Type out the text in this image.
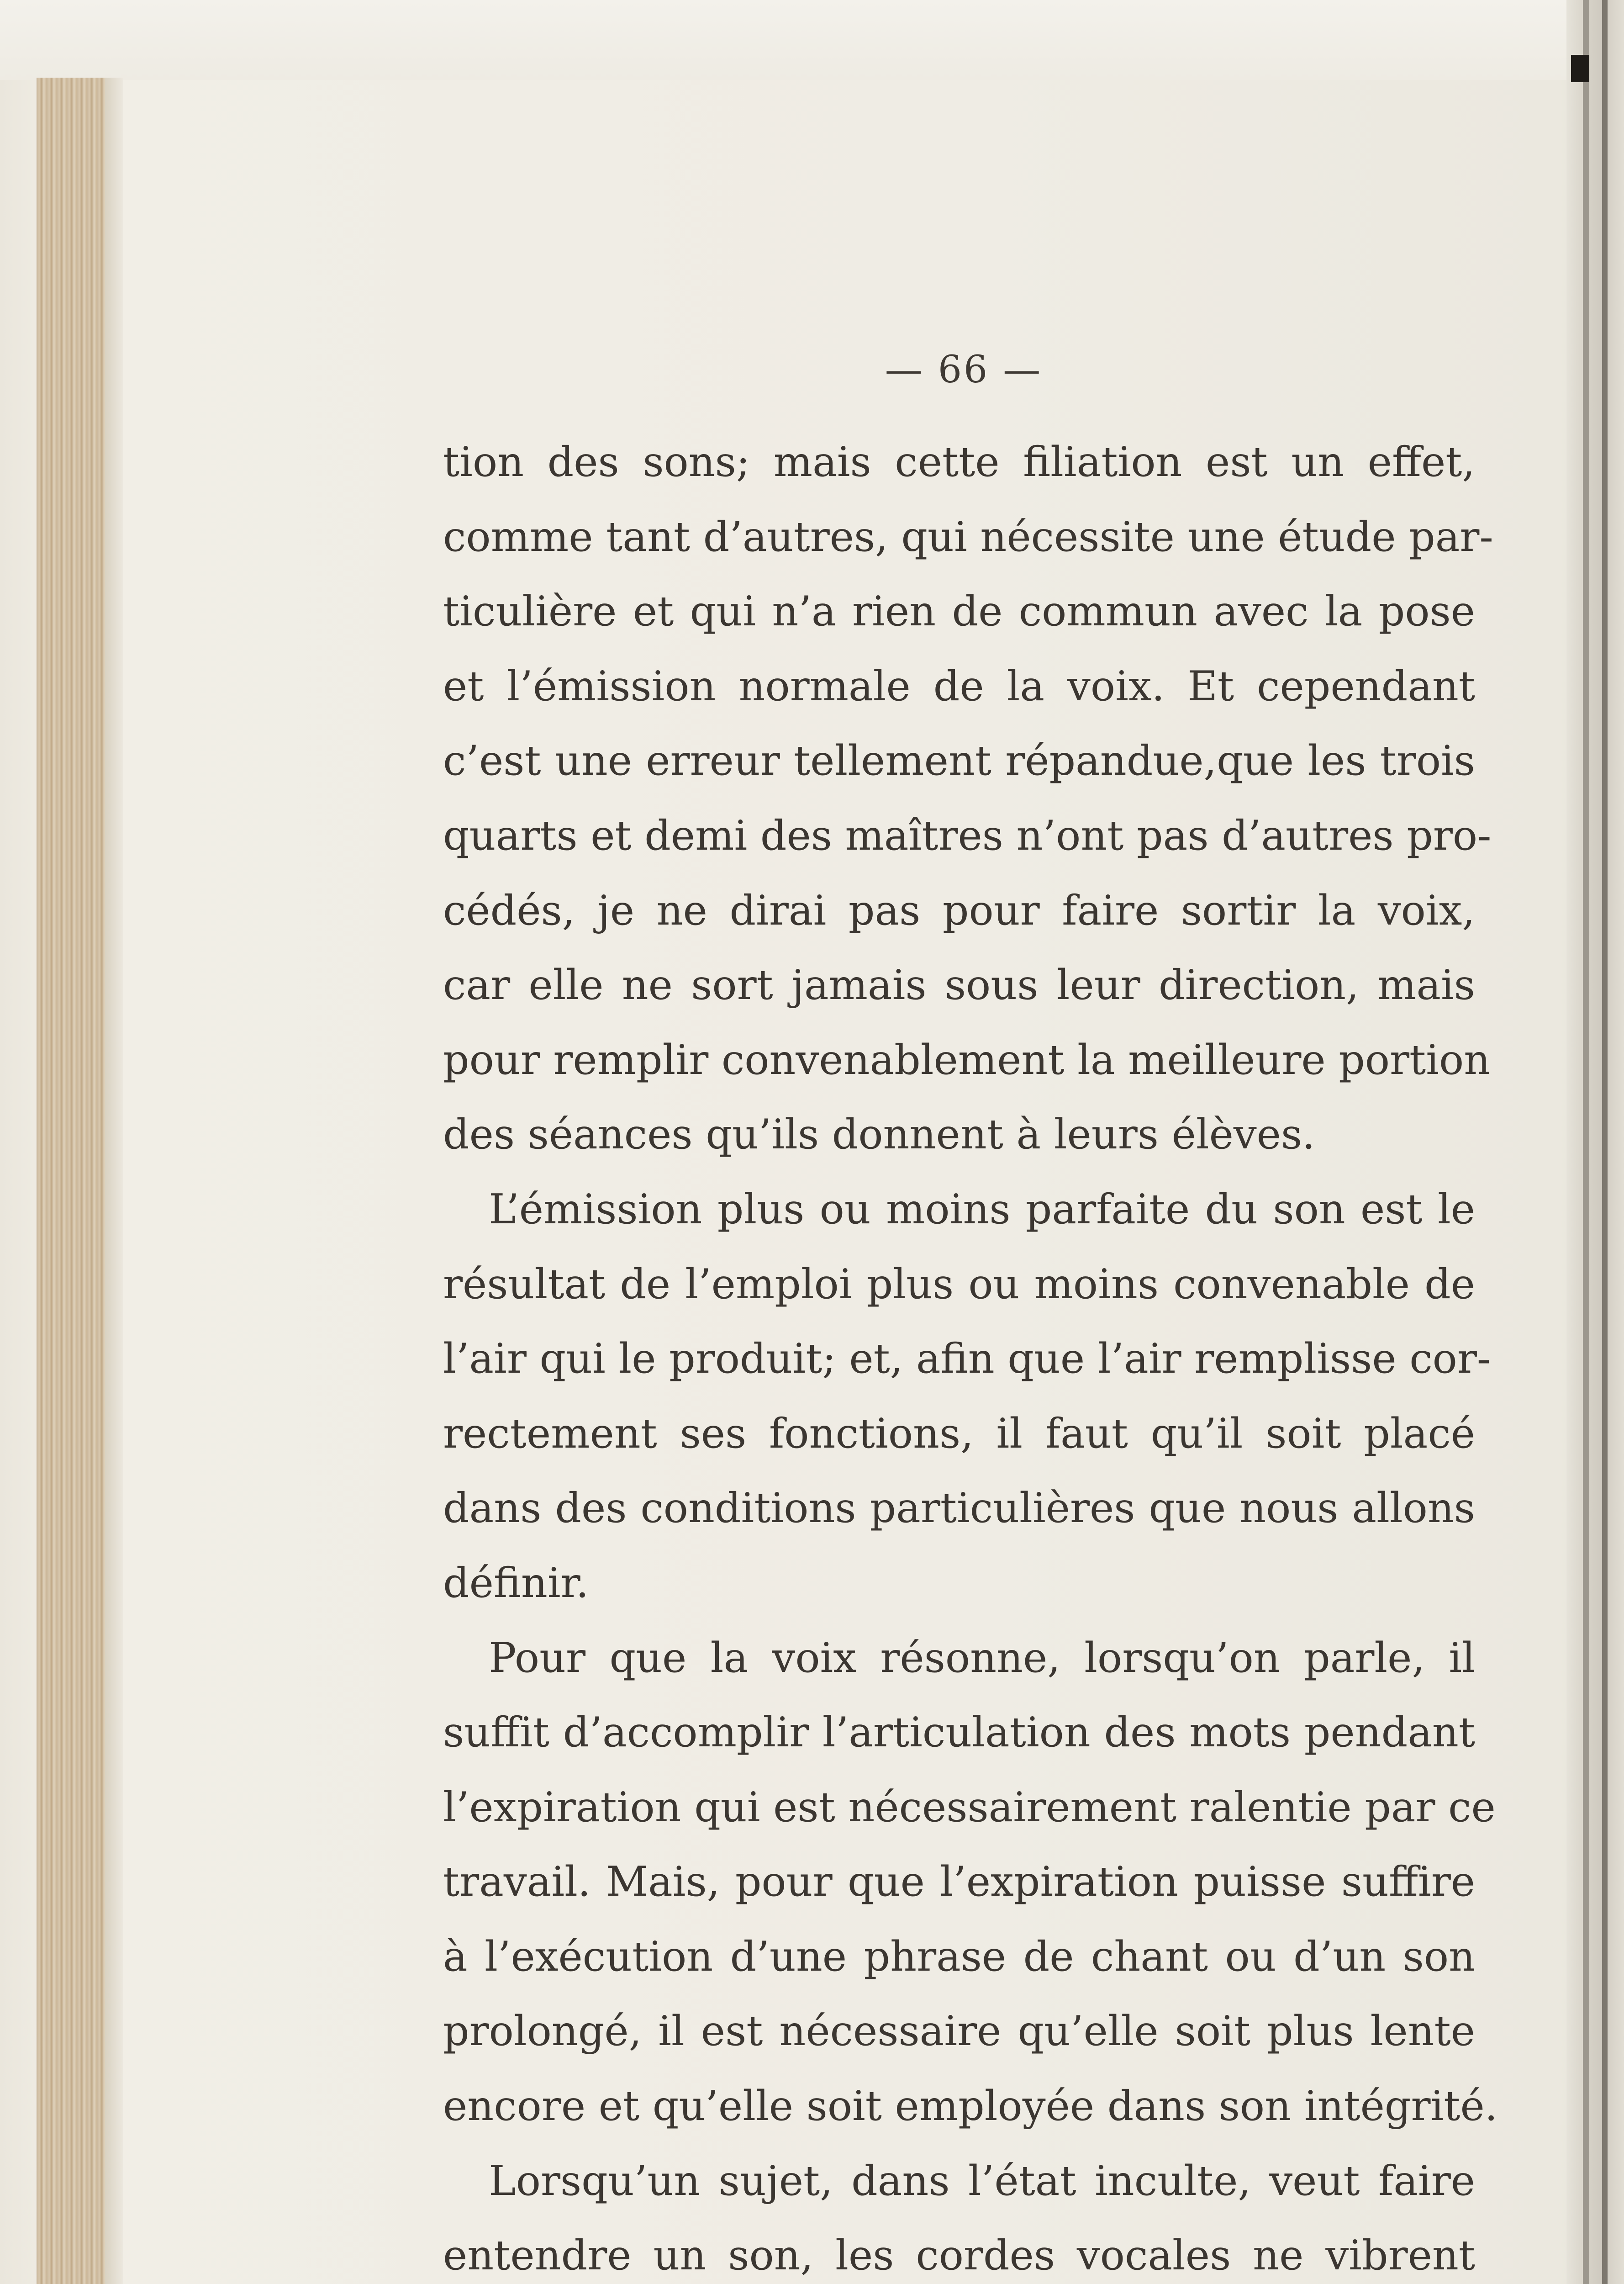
— 66 —
tion des sons; mais cette filiation est un effet,
comme tant d’autres, qui nécessite une étude par-
ticulière et qui n’a rien de commun avec la pose
et l’émission normale de la voix. Et cependant
c’est une erreur tellement répandue,que les trois
quarts et demi des maîtres n’ont pas d’autres pro-
cédés, je ne dirai pas pour faire sortir la voix,
car elle ne sort jamais sous leur direction, mais
pour remplir convenablement la meilleure portion
des séances qu’ils donnent à leurs élèves.
L’émission plus ou moins parfaite du son est le
résultat de l’emploi plus ou moins convenable de
l’air qui le produit; et, afin que l’air remplisse cor-
rectement ses fonctions, il faut qu’il soit placé
dans des conditions particulières que nous allons
définir.
Pour que la voix résonne, lorsqu’on parle, il
suffit d’accomplir l’articulation des mots pendant
l’expiration qui est nécessairement ralentie par ce
travail. Mais, pour que l’expiration puisse suffire
à l’exécution d’une phrase de chant ou d’un son
prolongé, il est nécessaire qu’elle soit plus lente
encore et qu’elle soit employée dans son intégrité.
Lorsqu’un sujet, dans l’état inculte, veut faire
entendre un son, les cordes vocales ne vibrent
